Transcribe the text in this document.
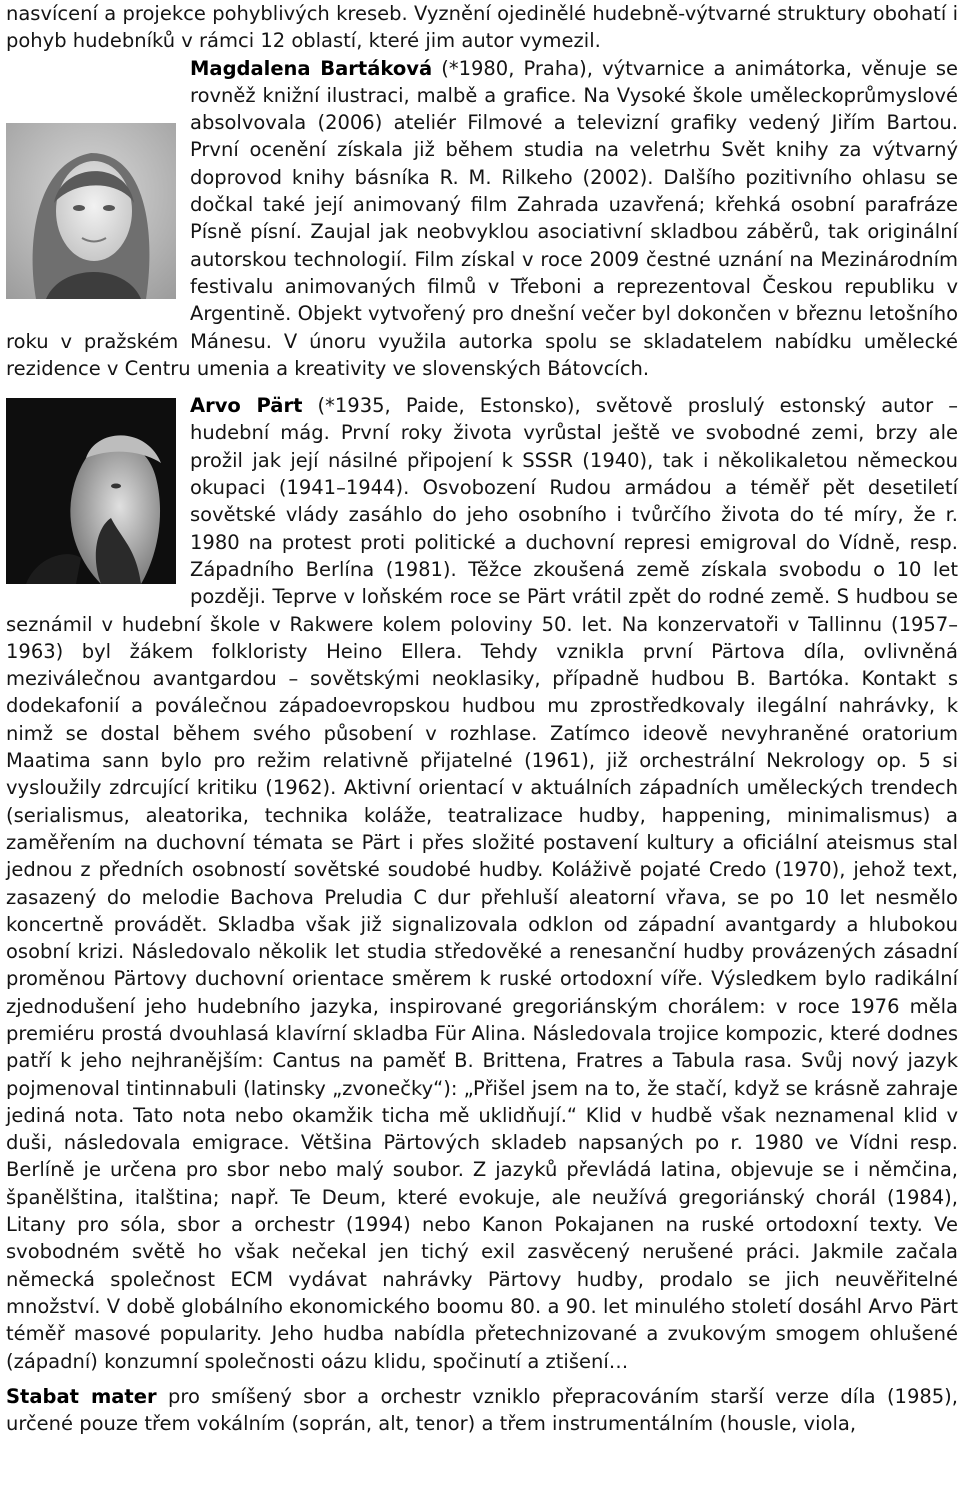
nasvícení a projekce pohyblivých kreseb. Vyznění ojedinělé hudebně-výtvarné struktury obohatí i pohyb hudebníků v rámci 12 oblastí, které jim autor vymezil.

Magdalena Bartáková (*1980, Praha), výtvarnice a animátorka, věnuje se rovněž knižní ilustraci, malbě a grafice. Na Vysoké škole uměleckoprůmyslové absolvovala (2006) ateliér Filmové a televizní grafiky vedený Jiřím Bartou. První ocenění získala již během studia na veletrhu Svět knihy za výtvarný doprovod knihy básníka R. M. Rilkeho (2002). Dalšího pozitivního ohlasu se dočkal také její animovaný film Zahrada uzavřená; křehká osobní parafráze Písně písní. Zaujal jak neobvyklou asociativní skladbou záběrů, tak originální autorskou technologií. Film získal v roce 2009 čestné uznání na Mezinárodním festivalu animovaných filmů v Třeboni a reprezentoval Českou republiku v Argentině. Objekt vytvořený pro dnešní večer byl dokončen v březnu letošního roku v pražském Mánesu. V únoru využila autorka spolu se skladatelem nabídku umělecké rezidence v Centru umenia a kreativity ve slovenských Bátovcích.

Arvo Pärt (*1935, Paide, Estonsko), světově proslulý estonský autor – hudební mág. První roky života vyrůstal ještě ve svobodné zemi, brzy ale prožil jak její násilné připojení k SSSR (1940), tak i několikaletou německou okupaci (1941–1944). Osvobození Rudou armádou a téměř pět desetiletí sovětské vlády zasáhlo do jeho osobního i tvůrčího života do té míry, že r. 1980 na protest proti politické a duchovní represi emigroval do Vídně, resp. Západního Berlína (1981). Těžce zkoušená země získala svobodu o 10 let později. Teprve v loňském roce se Pärt vrátil zpět do rodné země. S hudbou se seznámil v hudební škole v Rakwere kolem poloviny 50. let. Na konzervatoři v Tallinnu (1957–1963) byl žákem folkloristy Heino Ellera. Tehdy vznikla první Pärtova díla, ovlivněná meziválečnou avantgardou – sovětskými neoklasiky, případně hudbou B. Bartóka. Kontakt s dodekafonií a poválečnou západoevropskou hudbou mu zprostředkovaly ilegální nahrávky, k nimž se dostal během svého působení v rozhlase. Zatímco ideově nevyhraněné oratorium Maatima sann bylo pro režim relativně přijatelné (1961), již orchestrální Nekrology op. 5 si vysloužily zdrcující kritiku (1962). Aktivní orientací v aktuálních západních uměleckých trendech (serialismus, aleatorika, technika koláže, teatralizace hudby, happening, minimalismus) a zaměřením na duchovní témata se Pärt i přes složité postavení kultury a oficiální ateismus stal jednou z předních osobností sovětské soudobé hudby. Koláživě pojaté Credo (1970), jehož text, zasazený do melodie Bachova Preludia C dur přehluší aleatorní vřava, se po 10 let nesmělo koncertně provádět. Skladba však již signalizovala odklon od západní avantgardy a hlubokou osobní krizi. Následovalo několik let studia středověké a renesanční hudby provázených zásadní proměnou Pärtovy duchovní orientace směrem k ruské ortodoxní víře. Výsledkem bylo radikální zjednodušení jeho hudebního jazyka, inspirované gregoriánským chorálem: v roce 1976 měla premiéru prostá dvouhlasá klavírní skladba Für Alina. Následovala trojice kompozic, které dodnes patří k jeho nejhranějším: Cantus na paměť B. Brittena, Fratres a Tabula rasa. Svůj nový jazyk pojmenoval tintinnabuli (latinsky „zvonečky“): „Přišel jsem na to, že stačí, když se krásně zahraje jediná nota. Tato nota nebo okamžik ticha mě uklidňují.“ Klid v hudbě však neznamenal klid v duši, následovala emigrace. Většina Pärtových skladeb napsaných po r. 1980 ve Vídni resp. Berlíně je určena pro sbor nebo malý soubor. Z jazyků převládá latina, objevuje se i němčina, španělština, italština; např. Te Deum, které evokuje, ale neužívá gregoriánský chorál (1984), Litany pro sóla, sbor a orchestr (1994) nebo Kanon Pokajanen na ruské ortodoxní texty. Ve svobodném světě ho však nečekal jen tichý exil zasvěcený nerušené práci. Jakmile začala německá společnost ECM vydávat nahrávky Pärtovy hudby, prodalo se jich neuvěřitelné množství. V době globálního ekonomického boomu 80. a 90. let minulého století dosáhl Arvo Pärt téměř masové popularity. Jeho hudba nabídla přetechnizované a zvukovým smogem ohlušené (západní) konzumní společnosti oázu klidu, spočinutí a ztišení…

Stabat mater pro smíšený sbor a orchestr vzniklo přepracováním starší verze díla (1985), určené pouze třem vokálním (soprán, alt, tenor) a třem instrumentálním (housle, viola,
